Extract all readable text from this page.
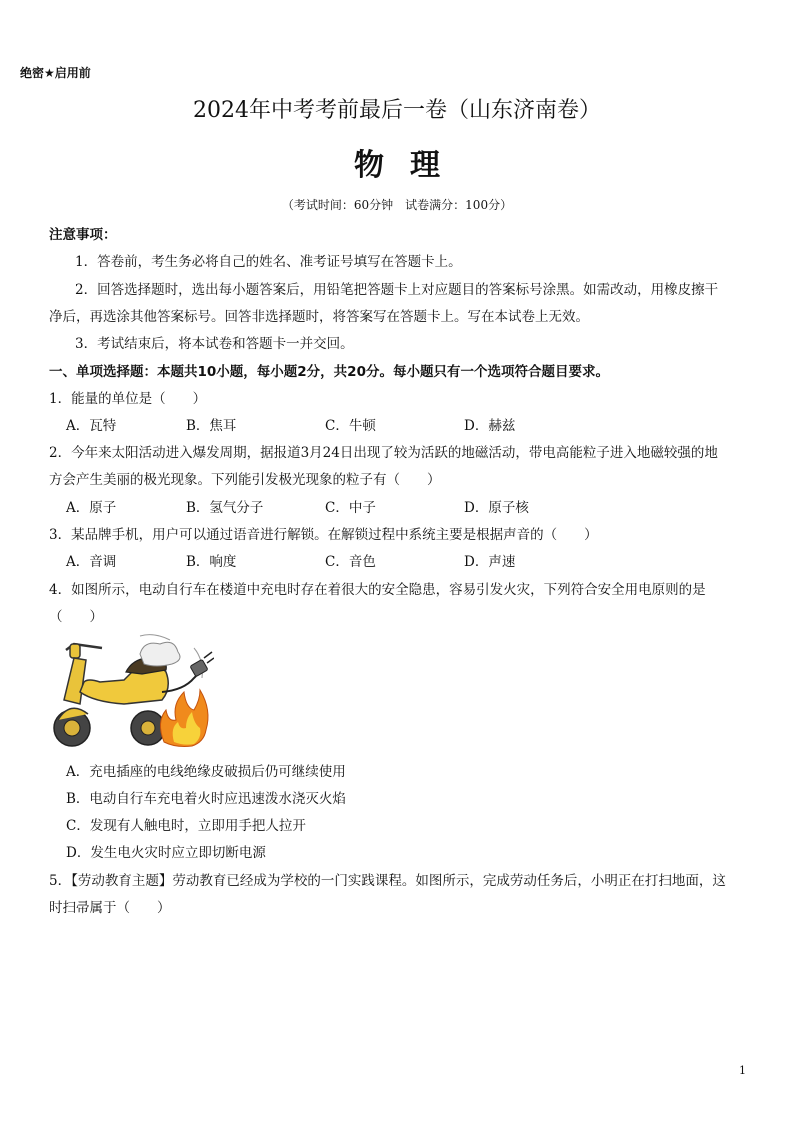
绝密★启用前
2024年中考考前最后一卷（山东济南卷）
物理
（考试时间：60分钟　试卷满分：100分）
注意事项：
1．答卷前，考生务必将自己的姓名、准考证号填写在答题卡上。
2．回答选择题时，选出每小题答案后，用铅笔把答题卡上对应题目的答案标号涂黑。如需改动，用橡皮擦干
净后，再选涂其他答案标号。回答非选择题时，将答案写在答题卡上。写在本试卷上无效。
3．考试结束后，将本试卷和答题卡一并交回。
一、单项选择题：本题共10小题，每小题2分，共20分。每小题只有一个选项符合题目要求。
1．能量的单位是（　　）
A．瓦特	B．焦耳	C．牛顿	D．赫兹
2．今年来太阳活动进入爆发周期，据报道3月24日出现了较为活跃的地磁活动，带电高能粒子进入地磁较强的地
方会产生美丽的极光现象。下列能引发极光现象的粒子有（　　）
A．原子	B．氢气分子	C．中子	D．原子核
3．某品牌手机，用户可以通过语音进行解锁。在解锁过程中系统主要是根据声音的（　　）
A．音调	B．响度	C．音色	D．声速
4．如图所示，电动自行车在楼道中充电时存在着很大的安全隐患，容易引发火灾，下列符合安全用电原则的是
（　　）
A．充电插座的电线绝缘皮破损后仍可继续使用
B．电动自行车充电着火时应迅速泼水浇灭火焰
C．发现有人触电时，立即用手把人拉开
D．发生电火灾时应立即切断电源
5．【劳动教育主题】劳动教育已经成为学校的一门实践课程。如图所示，完成劳动任务后，小明正在打扫地面，这
时扫帚属于（　　）
1
